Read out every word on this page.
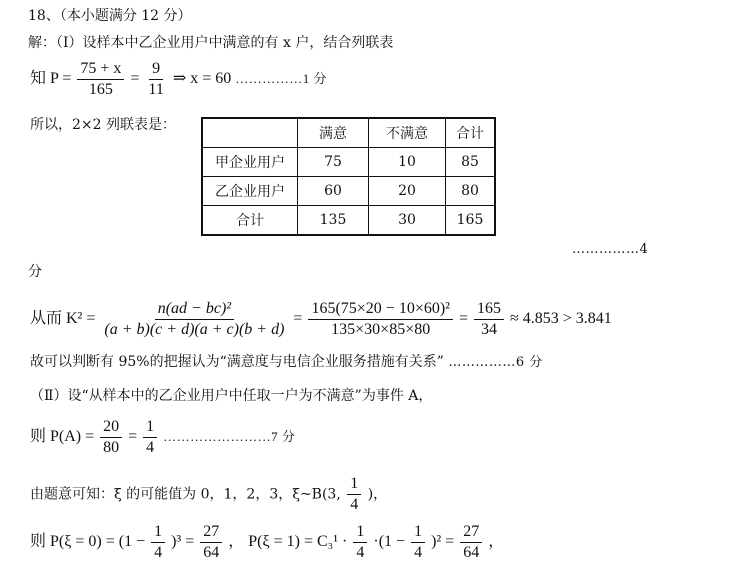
18、（本小题满分 12 分）
解：（Ⅰ）设样本中乙企业用户中满意的有 x 户，结合列联表
知 $P = \frac{75 + x}{165} = \frac{9}{11}$ ⇒ x = 60 ……………1 分
所以，2×2 列联表是：
	满意	不满意	合计
甲企业用户	75	10	85
乙企业用户	60	20	80
合计	135	30	165
……………4
分
从而 $K^2 = \frac{\text{n(ad − bc)²}}{(a + b)(c + d)(a + c)(b + d)} = \frac{\text{165(75×20 − 10×60)²}}{135\times 30\times 85\times 80} = \frac{165}{34} \approx 4.853 > 3.841$
故可以判断有 95%的把握认为“满意度与电信企业服务措施有关系” ……………6 分
（Ⅱ）设“从样本中的乙企业用户中任取一户为不满意”为事件 A，
则 $P(A) = \frac{20}{80} = \frac{1}{4}$ ……………………7 分
由题意可知：ξ 的可能值为 0，1，2，3，ξ~B(3, $\frac{1}{4}$ )，
则 $P(\xi = 0) = (1 - \frac{1}{4} )^3 = \frac{27}{64}$ ， $P(\xi = 1) = C_3^1 \cdot \frac{1}{4} \cdot(1 - \frac{1}{4} )^2 = \frac{27}{64}$ ，
